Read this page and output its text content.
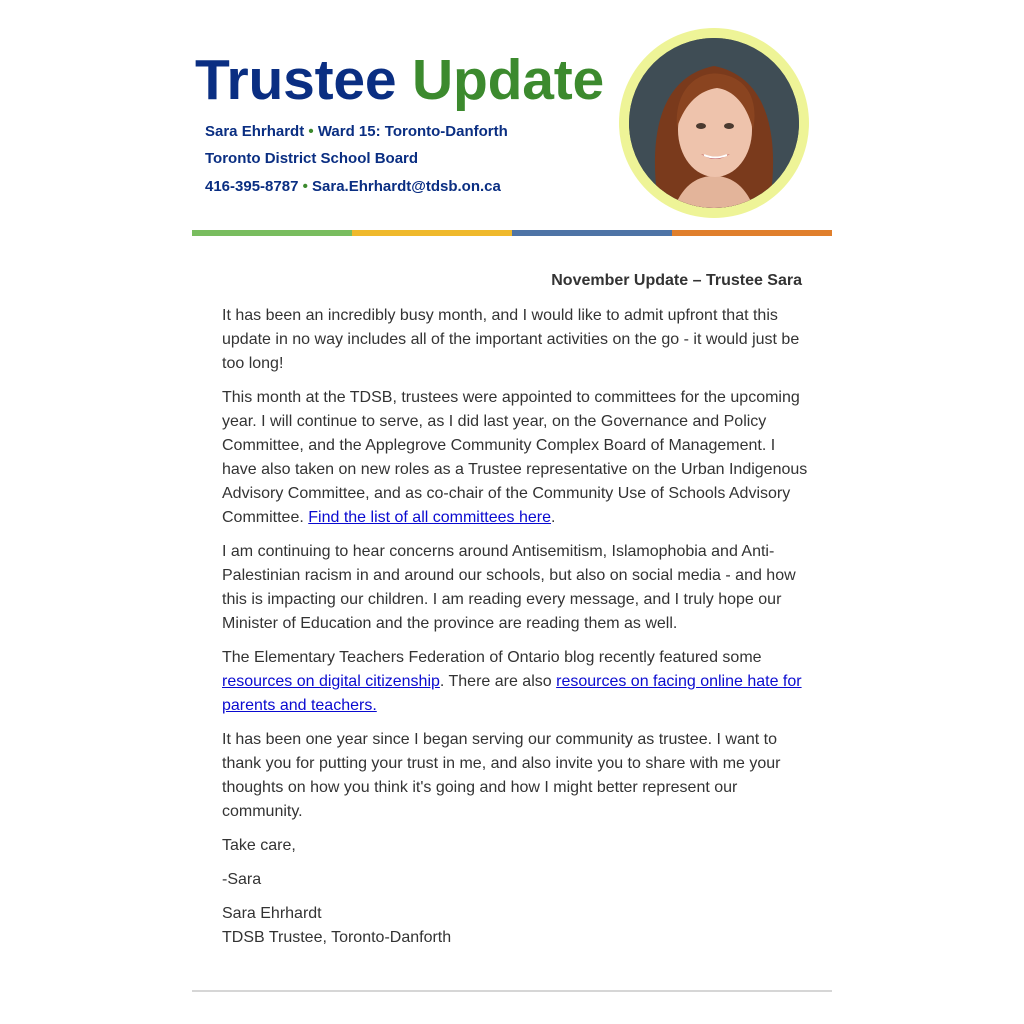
Trustee Update
Sara Ehrhardt • Ward 15: Toronto-Danforth
Toronto District School Board
416-395-8787 • Sara.Ehrhardt@tdsb.on.ca
November Update – Trustee Sara

It has been an incredibly busy month, and I would like to admit upfront that this update in no way includes all of the important activities on the go - it would just be too long!

This month at the TDSB, trustees were appointed to committees for the upcoming year. I will continue to serve, as I did last year, on the Governance and Policy Committee, and the Applegrove Community Complex Board of Management. I have also taken on new roles as a Trustee representative on the Urban Indigenous Advisory Committee, and as co-chair of the Community Use of Schools Advisory Committee. Find the list of all committees here.

I am continuing to hear concerns around Antisemitism, Islamophobia and Anti-Palestinian racism in and around our schools, but also on social media - and how this is impacting our children. I am reading every message, and I truly hope our Minister of Education and the province are reading them as well.

The Elementary Teachers Federation of Ontario blog recently featured some resources on digital citizenship. There are also resources on facing online hate for parents and teachers.

It has been one year since I began serving our community as trustee. I want to thank you for putting your trust in me, and also invite you to share with me your thoughts on how you think it's going and how I might better represent our community.

Take care,

-Sara

Sara Ehrhardt
TDSB Trustee, Toronto-Danforth
